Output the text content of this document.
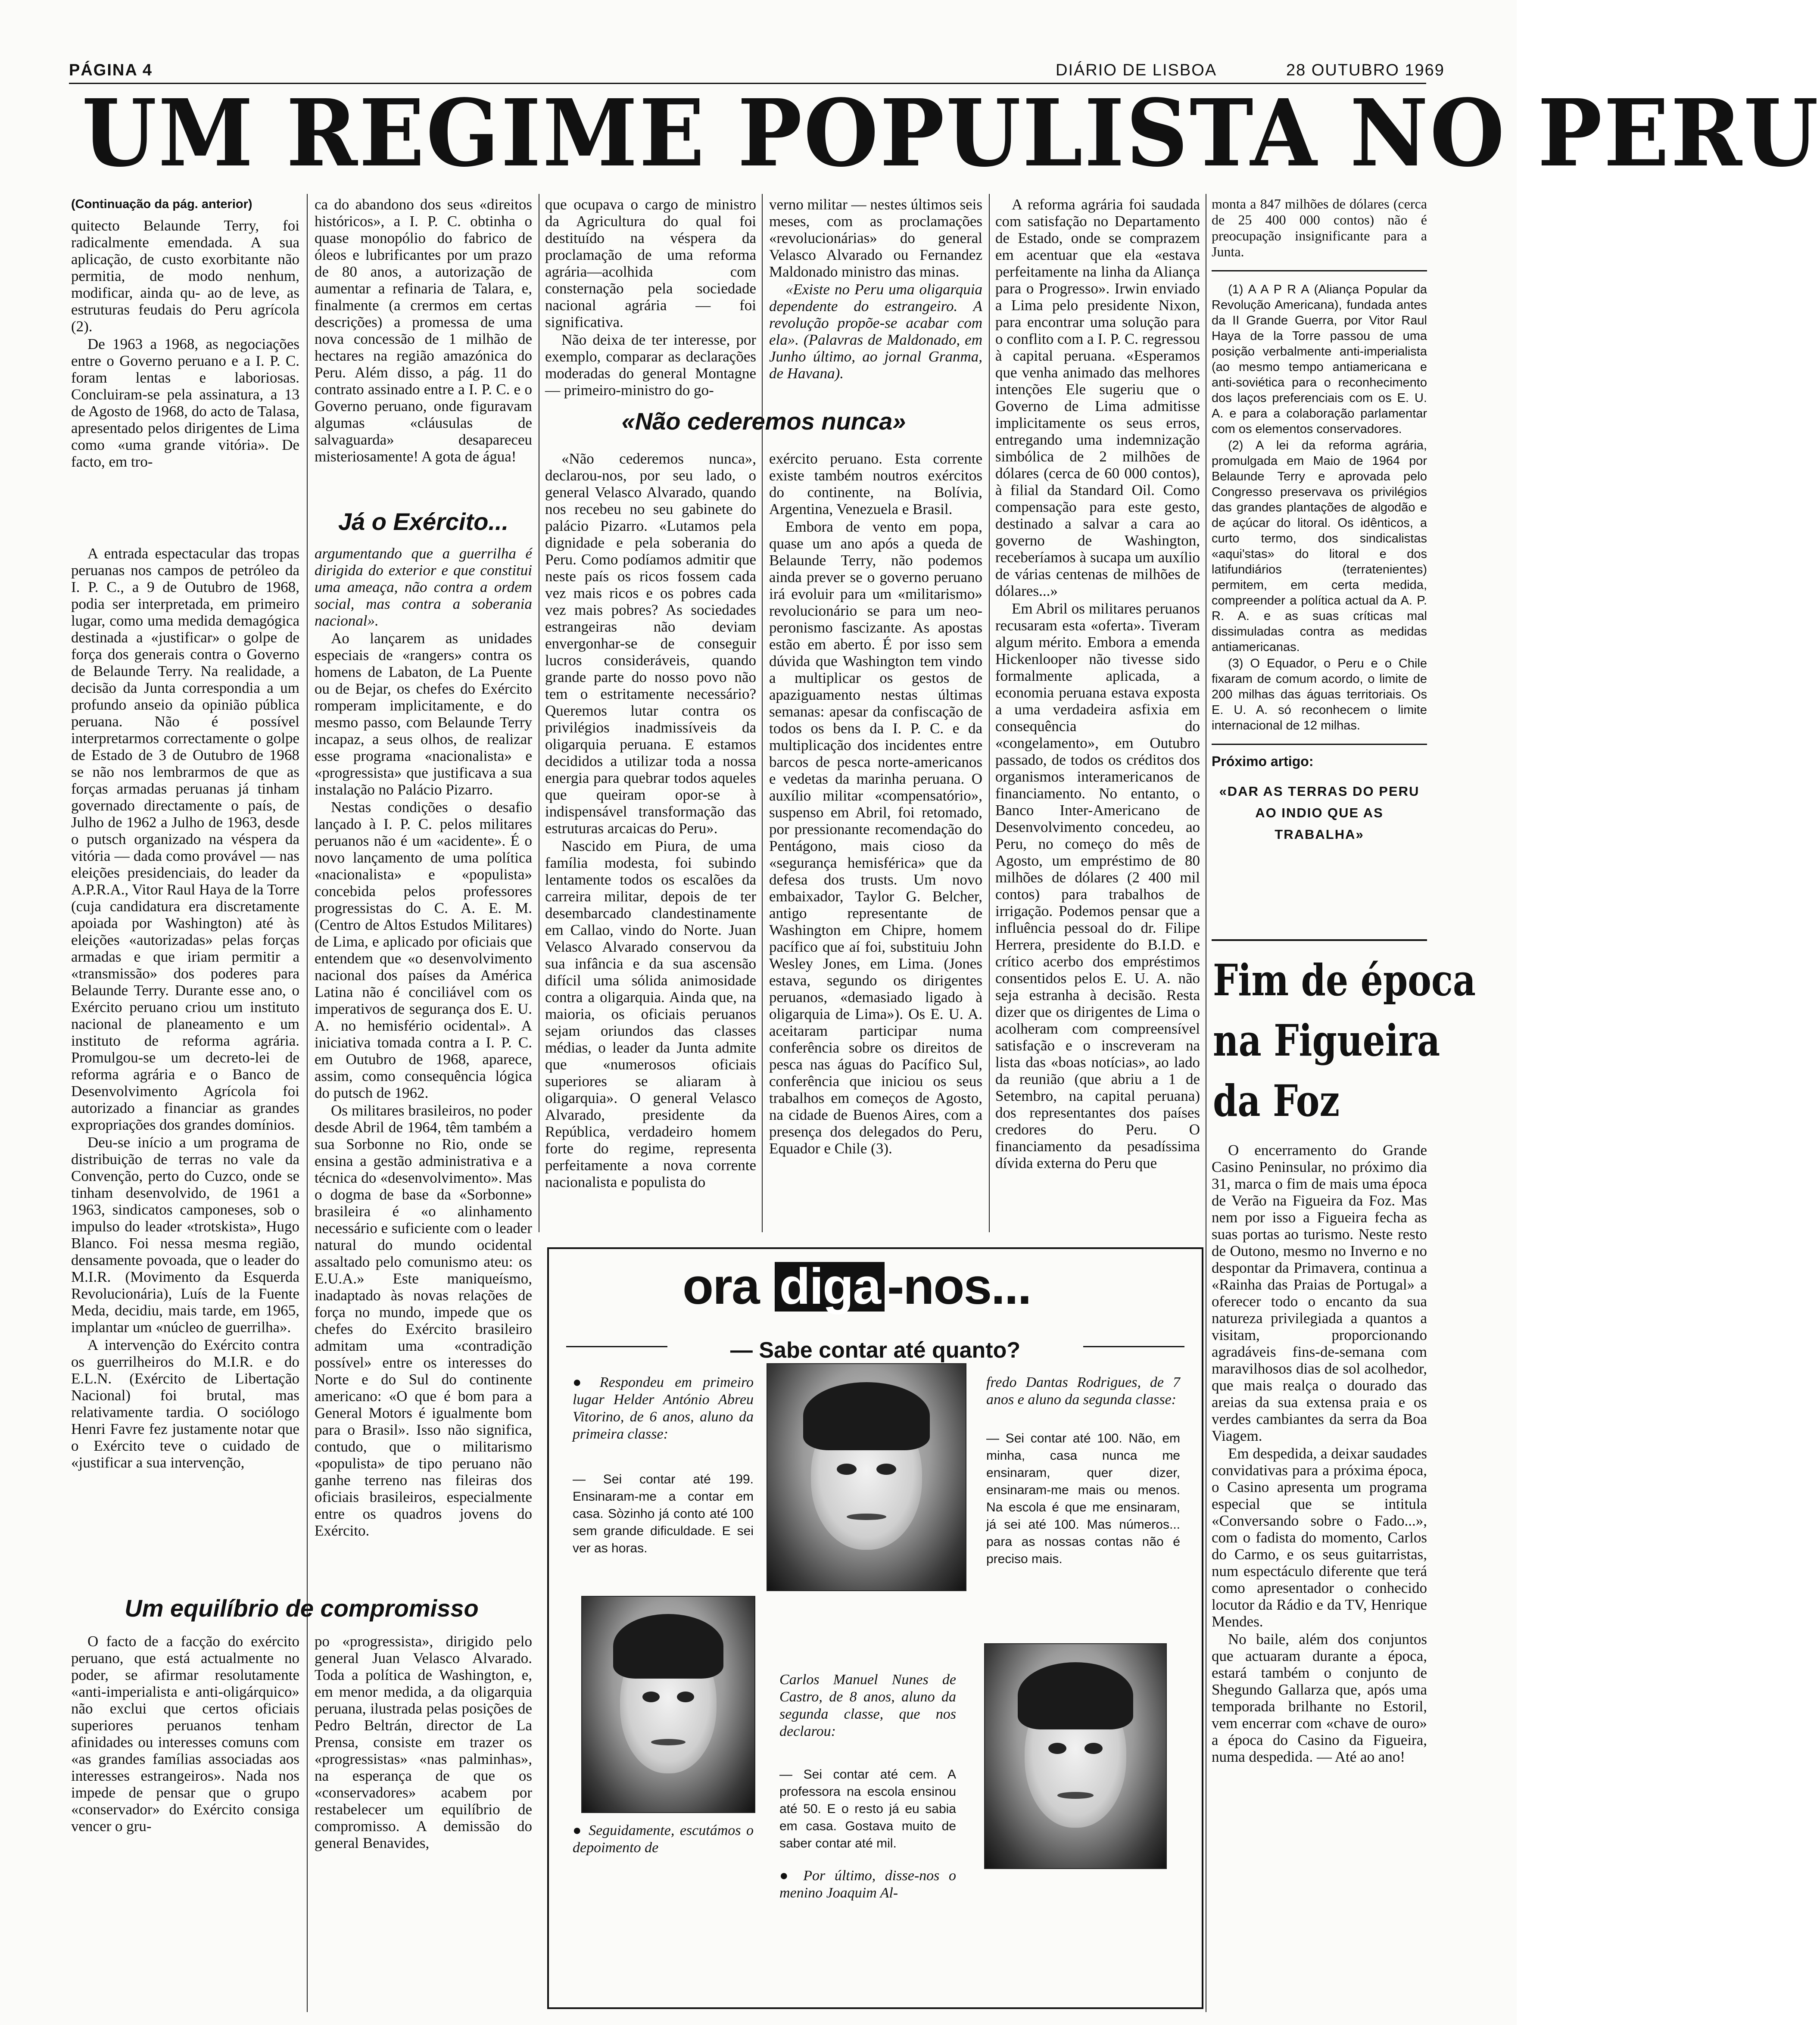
PÁGINA 4	DIÁRIO DE LISBOA	28 OUTUBRO 1969
UM REGIME POPULISTA NO PERU

(Continuação da pág. anterior)

quitecto Belaunde Terry, foi radicalmente emendada. A sua aplicação, de custo exorbitante não permitia, de modo nenhum, modificar, ainda qu- ao de leve, as estruturas feudais do Peru agrícola (2).

De 1963 a 1968, as negociações entre o Governo peruano e a I. P. C. foram lentas e laboriosas. Concluiram-se pela assinatura, a 13 de Agosto de 1968, do acto de Talasa, apresentado pelos dirigentes de Lima como «uma grande vitória». De facto, em tro-

ca do abandono dos seus «direitos históricos», a I. P. C. obtinha o quase monopólio do fabrico de óleos e lubrificantes por um prazo de 80 anos, a autorização de aumentar a refinaria de Talara, e, finalmente (a crermos em certas descrições) a promessa de uma nova concessão de 1 milhão de hectares na região amazónica do Peru. Além disso, a pág. 11 do contrato assinado entre a I. P. C. e o Governo peruano, onde figuravam algumas «cláusulas de salvaguarda» desapareceu misteriosamente! A gota de água!

que ocupava o cargo de ministro da Agricultura do qual foi destituído na véspera da proclamação de uma reforma agrária—acolhida com consternação pela sociedade nacional agrária — foi significativa.

Não deixa de ter interesse, por exemplo, comparar as declarações moderadas do general Montagne — primeiro-ministro do go-

verno militar — nestes últimos seis meses, com as proclamações «revolucionárias» do general Velasco Alvarado ou Fernandez Maldonado ministro das minas.

«Existe no Peru uma oligarquia dependente do estrangeiro. A revolução propõe-se acabar com ela». (Palavras de Maldonado, em Junho último, ao jornal Granma, de Havana).

A reforma agrária foi saudada com satisfação no Departamento de Estado, onde se comprazem em acentuar que ela «estava perfeitamente na linha da Aliança para o Progresso». Irwin enviado a Lima pelo presidente Nixon, para encontrar uma solução para o conflito com a I. P. C. regressou à capital peruana. «Esperamos que venha animado das melhores intenções Ele sugeriu que o Governo de Lima admitisse implicitamente os seus erros, entregando uma indemnização simbólica de 2 milhões de dólares (cerca de 60 000 contos), à filial da Standard Oil. Como compensação para este gesto, destinado a salvar a cara ao governo de Washington, receberíamos à sucapa um auxílio de várias centenas de milhões de dólares...»

Em Abril os militares peruanos recusaram esta «oferta». Tiveram algum mérito. Embora a emenda Hickenlooper não tivesse sido formalmente aplicada, a economia peruana estava exposta a uma verdadeira asfixia em consequência do «congelamento», em Outubro passado, de todos os créditos dos organismos interamericanos de financiamento. No entanto, o Banco Inter-Americano de Desenvolvimento concedeu, ao Peru, no começo do mês de Agosto, um empréstimo de 80 milhões de dólares (2 400 mil contos) para trabalhos de irrigação. Podemos pensar que a influência pessoal do dr. Filipe Herrera, presidente do B.I.D. e crítico acerbo dos empréstimos consentidos pelos E. U. A. não seja estranha à decisão. Resta dizer que os dirigentes de Lima o acolheram com compreensível satisfação e o inscreveram na lista das «boas notícias», ao lado da reunião (que abriu a 1 de Setembro, na capital peruana) dos representantes dos países credores do Peru. O financiamento da pesadíssima dívida externa do Peru que

monta a 847 milhões de dólares (cerca de 25 400 000 contos) não é preocupação insignificante para a Junta.

(1) A A P R A (Aliança Popular da Revolução Americana), fundada antes da II Grande Guerra, por Vitor Raul Haya de la Torre passou de uma posição verbalmente anti-imperialista (ao mesmo tempo antiamericana e anti-soviética para o reconhecimento dos laços preferenciais com os E. U. A. e para a colaboração parlamentar com os elementos conservadores.

(2) A lei da reforma agrária, promulgada em Maio de 1964 por Belaunde Terry e aprovada pelo Congresso preservava os privilégios das grandes plantações de algodão e de açúcar do litoral. Os idênticos, a curto termo, dos sindicalistas «aqui'stas» do litoral e dos latifundiários (terratenientes) permitem, em certa medida, compreender a política actual da A. P. R. A. e as suas críticas mal dissimuladas contra as medidas antiamericanas.

(3) O Equador, o Peru e o Chile fixaram de comum acordo, o limite de 200 milhas das águas territoriais. Os E. U. A. só reconhecem o limite internacional de 12 milhas.

Próximo artigo:

«DAR AS TERRAS DO PERU AO INDIO QUE AS TRABALHA»

Já o Exército...
«Não cederemos nunca»
Um equilíbrio de compromisso

A entrada espectacular das tropas peruanas nos campos de petróleo da I. P. C., a 9 de Outubro de 1968, podia ser interpretada, em primeiro lugar, como uma medida demagógica destinada a «justificar» o golpe de força dos generais contra o Governo de Belaunde Terry. Na realidade, a decisão da Junta correspondia a um profundo anseio da opinião pública peruana. Não é possível interpretarmos correctamente o golpe de Estado de 3 de Outubro de 1968 se não nos lembrarmos de que as forças armadas peruanas já tinham governado directamente o país, de Julho de 1962 a Julho de 1963, desde o putsch organizado na véspera da vitória — dada como provável — nas eleições presidenciais, do leader da A.P.R.A., Vitor Raul Haya de la Torre (cuja candidatura era discretamente apoiada por Washington) até às eleições «autorizadas» pelas forças armadas e que iriam permitir a «transmissão» dos poderes para Belaunde Terry. Durante esse ano, o Exército peruano criou um instituto nacional de planeamento e um instituto de reforma agrária. Promulgou-se um decreto-lei de reforma agrária e o Banco de Desenvolvimento Agrícola foi autorizado a financiar as grandes expropriações dos grandes domínios.

Deu-se início a um programa de distribuição de terras no vale da Convenção, perto do Cuzco, onde se tinham desenvolvido, de 1961 a 1963, sindicatos camponeses, sob o impulso do leader «trotskista», Hugo Blanco. Foi nessa mesma região, densamente povoada, que o leader do M.I.R. (Movimento da Esquerda Revolucionária), Luís de la Fuente Meda, decidiu, mais tarde, em 1965, implantar um «núcleo de guerrilha».

A intervenção do Exército contra os guerrilheiros do M.I.R. e do E.L.N. (Exército de Libertação Nacional) foi brutal, mas relativamente tardia. O sociólogo Henri Favre fez justamente notar que o Exército teve o cuidado de «justificar a sua intervenção,

argumentando que a guerrilha é dirigida do exterior e que constitui uma ameaça, não contra a ordem social, mas contra a soberania nacional».

Ao lançarem as unidades especiais de «rangers» contra os homens de Labaton, de La Puente ou de Bejar, os chefes do Exército romperam implicitamente, e do mesmo passo, com Belaunde Terry incapaz, a seus olhos, de realizar esse programa «nacionalista» e «progressista» que justificava a sua instalação no Palácio Pizarro.

Nestas condições o desafio lançado à I. P. C. pelos militares peruanos não é um «acidente». É o novo lançamento de uma política «nacionalista» e «populista» concebida pelos professores progressistas do C. A. E. M. (Centro de Altos Estudos Militares) de Lima, e aplicado por oficiais que entendem que «o desenvolvimento nacional dos países da América Latina não é conciliável com os imperativos de segurança dos E. U. A. no hemisfério ocidental». A iniciativa tomada contra a I. P. C. em Outubro de 1968, aparece, assim, como consequência lógica do putsch de 1962.

Os militares brasileiros, no poder desde Abril de 1964, têm também a sua Sorbonne no Rio, onde se ensina a gestão administrativa e a técnica do «desenvolvimento». Mas o dogma de base da «Sorbonne» brasileira é «o alinhamento necessário e suficiente com o leader natural do mundo ocidental assaltado pelo comunismo ateu: os E.U.A.» Este maniqueísmo, inadaptado às novas relações de força no mundo, impede que os chefes do Exército brasileiro admitam uma «contradição possível» entre os interesses do Norte e do Sul do continente americano: «O que é bom para a General Motors é igualmente bom para o Brasil». Isso não significa, contudo, que o militarismo «populista» de tipo peruano não ganhe terreno nas fileiras dos oficiais brasileiros, especialmente entre os quadros jovens do Exército.

«Não cederemos nunca», declarou-nos, por seu lado, o general Velasco Alvarado, quando nos recebeu no seu gabinete do palácio Pizarro. «Lutamos pela dignidade e pela soberania do Peru. Como podíamos admitir que neste país os ricos fossem cada vez mais ricos e os pobres cada vez mais pobres? As sociedades estrangeiras não deviam envergonhar-se de conseguir lucros consideráveis, quando grande parte do nosso povo não tem o estritamente necessário? Queremos lutar contra os privilégios inadmissíveis da oligarquia peruana. E estamos decididos a utilizar toda a nossa energia para quebrar todos aqueles que queiram opor-se à indispensável transformação das estruturas arcaicas do Peru».

Nascido em Piura, de uma família modesta, foi subindo lentamente todos os escalões da carreira militar, depois de ter desembarcado clandestinamente em Callao, vindo do Norte. Juan Velasco Alvarado conservou da sua infância e da sua ascensão difícil uma sólida animosidade contra a oligarquia. Ainda que, na maioria, os oficiais peruanos sejam oriundos das classes médias, o leader da Junta admite que «numerosos oficiais superiores se aliaram à oligarquia». O general Velasco Alvarado, presidente da República, verdadeiro homem forte do regime, representa perfeitamente a nova corrente nacionalista e populista do

exército peruano. Esta corrente existe também noutros exércitos do continente, na Bolívia, Argentina, Venezuela e Brasil.

Embora de vento em popa, quase um ano após a queda de Belaunde Terry, não podemos ainda prever se o governo peruano irá evoluir para um «militarismo» revolucionário se para um neo-peronismo fascizante. As apostas estão em aberto. É por isso sem dúvida que Washington tem vindo a multiplicar os gestos de apaziguamento nestas últimas semanas: apesar da confiscação de todos os bens da I. P. C. e da multiplicação dos incidentes entre barcos de pesca norte-americanos e vedetas da marinha peruana. O auxílio militar «compensatório», suspenso em Abril, foi retomado, por pressionante recomendação do Pentágono, mais cioso da «segurança hemisférica» que da defesa dos trusts. Um novo embaixador, Taylor G. Belcher, antigo representante de Washington em Chipre, homem pacífico que aí foi, substituiu John Wesley Jones, em Lima. (Jones estava, segundo os dirigentes peruanos, «demasiado ligado à oligarquia de Lima»). Os E. U. A. aceitaram participar numa conferência sobre os direitos de pesca nas águas do Pacífico Sul, conferência que iniciou os seus trabalhos em começos de Agosto, na cidade de Buenos Aires, com a presença dos delegados do Peru, Equador e Chile (3).

O facto de a facção do exército peruano, que está actualmente no poder, se afirmar resolutamente «anti-imperialista e anti-oligárquico» não exclui que certos oficiais superiores peruanos tenham afinidades ou interesses comuns com «as grandes famílias associadas aos interesses estrangeiros». Nada nos impede de pensar que o grupo «conservador» do Exército consiga vencer o gru-

po «progressista», dirigido pelo general Juan Velasco Alvarado. Toda a política de Washington, e, em menor medida, a da oligarquia peruana, ilustrada pelas posições de Pedro Beltrán, director de La Prensa, consiste em trazer os «progressistas» «nas palminhas», na esperança de que os «conservadores» acabem por restabelecer um equilíbrio de compromisso. A demissão do general Benavides,

ora diga -nos...
— Sabe contar até quanto?
● Respondeu em primeiro lugar Helder António Abreu Vitorino, de 6 anos, aluno da primeira classe:
— Sei contar até 199. Ensinaram-me a contar em casa. Sòzinho já conto até 100 sem grande dificuldade. E sei ver as horas.
fredo Dantas Rodrigues, de 7 anos e aluno da segunda classe:
— Sei contar até 100. Não, em minha, casa nunca me ensinaram, quer dizer, ensinaram-me mais ou menos. Na escola é que me ensinaram, já sei até 100. Mas números... para as nossas contas não é preciso mais.
Carlos Manuel Nunes de Castro, de 8 anos, aluno da segunda classe, que nos declarou:
— Sei contar até cem. A professora na escola ensinou até 50. E o resto já eu sabia em casa. Gostava muito de saber contar até mil.
● Seguidamente, escutámos o depoimento de
● Por último, disse-nos o menino Joaquim Al-
Fim de época
na Figueira
da Foz

O encerramento do Grande Casino Peninsular, no próximo dia 31, marca o fim de mais uma época de Verão na Figueira da Foz. Mas nem por isso a Figueira fecha as suas portas ao turismo. Neste resto de Outono, mesmo no Inverno e no despontar da Primavera, continua a «Rainha das Praias de Portugal» a oferecer todo o encanto da sua natureza privilegiada a quantos a visitam, proporcionando agradáveis fins-de-semana com maravilhosos dias de sol acolhedor, que mais realça o dourado das areias da sua extensa praia e os verdes cambiantes da serra da Boa Viagem.

Em despedida, a deixar saudades convidativas para a próxima época, o Casino apresenta um programa especial que se intitula «Conversando sobre o Fado...», com o fadista do momento, Carlos do Carmo, e os seus guitarristas, num espectáculo diferente que terá como apresentador o conhecido locutor da Rádio e da TV, Henrique Mendes.

No baile, além dos conjuntos que actuaram durante a época, estará também o conjunto de Shegundo Gallarza que, após uma temporada brilhante no Estoril, vem encerrar com «chave de ouro» a época do Casino da Figueira, numa despedida. — Até ao ano!
